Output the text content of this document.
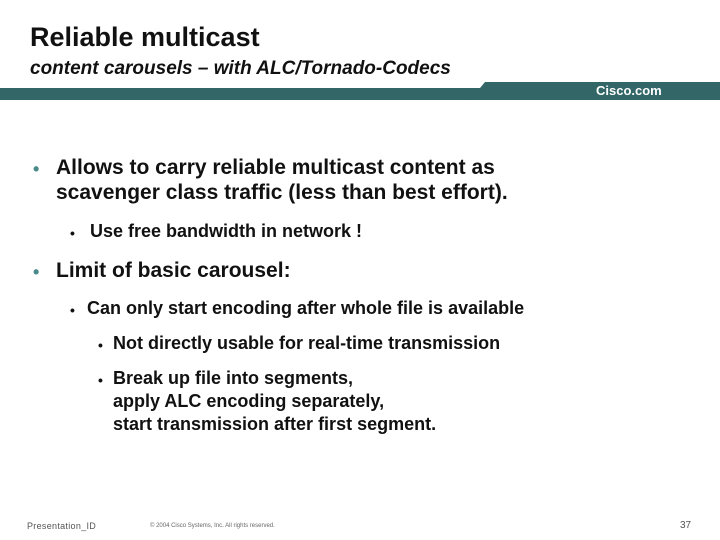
Reliable multicast
content carousels – with ALC/Tornado-Codecs
Cisco.com
• Allows to carry reliable multicast content as
scavenger class traffic (less than best effort).
• Use free bandwidth in network !
• Limit of basic carousel:
• Can only start encoding after whole file is available
• Not directly usable for real-time transmission
• Break up file into segments,
apply ALC encoding separately,
start transmission after first segment.
Presentation_ID	© 2004 Cisco Systems, Inc. All rights reserved.	37
